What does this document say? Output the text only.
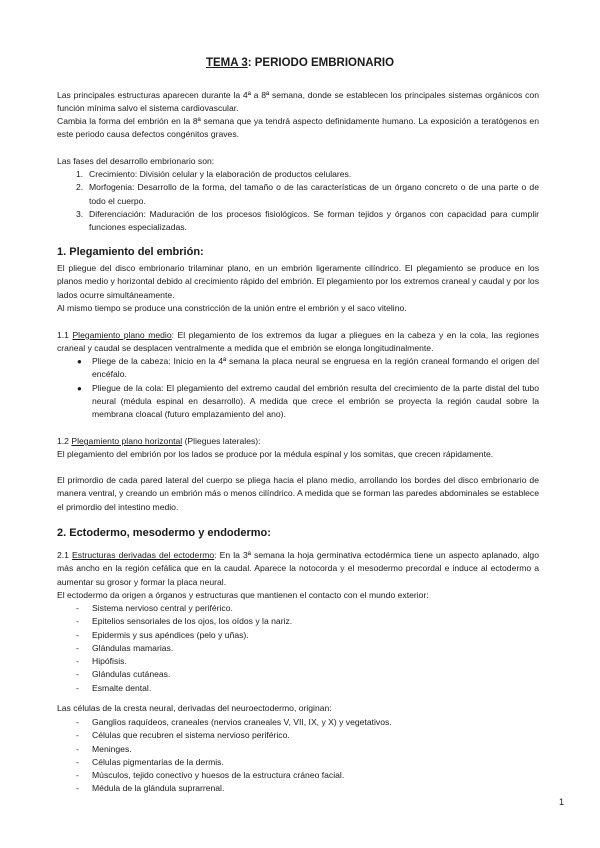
TEMA 3: PERIODO EMBRIONARIO

Las principales estructuras aparecen durante la 4ª a 8ª semana, donde se establecen los principales sistemas orgánicos con función mínima salvo el sistema cardiovascular.

Cambia la forma del embrión en la 8ª semana que ya tendrá aspecto definidamente humano. La exposición a teratógenos en este periodo causa defectos congénitos graves.

Las fases del desarrollo embrionario son:

1. Crecimiento: División celular y la elaboración de productos celulares.
2. Morfogenia: Desarrollo de la forma, del tamaño o de las características de un órgano concreto o de una parte o de todo el cuerpo.
3. Diferenciación: Maduración de los procesos fisiológicos. Se forman tejidos y órganos con capacidad para cumplir funciones especializadas.
1. Plegamiento del embrión:

El pliegue del disco embrionario trilaminar plano, en un embrión ligeramente cilíndrico. El plegamiento se produce en los planos medio y horizontal debido al crecimiento rápido del embrión. El plegamiento por los extremos craneal y caudal y por los lados ocurre simultáneamente.

Al mismo tiempo se produce una constricción de la unión entre el embrión y el saco vitelino.

1.1 Plegamiento plano medio: El plegamiento de los extremos da lugar a pliegues en la cabeza y en la cola, las regiones craneal y caudal se desplacen ventralmente a medida que el embrión se elonga longitudinalmente.

● Pliege de la cabeza: Inicio en la 4ª semana la placa neural se engruesa en la región craneal formando el origen del encéfalo.
● Pliegue de la cola: El plegamiento del extremo caudal del embrión resulta del crecimiento de la parte distal del tubo neural (médula espinal en desarrollo). A medida que crece el embrión se proyecta la región caudal sobre la membrana cloacal (futuro emplazamiento del ano).

1.2 Plegamiento plano horizontal (Pliegues laterales):

El plegamiento del embrión por los lados se produce por la médula espinal y los somitas, que crecen rápidamente.

El primordio de cada pared lateral del cuerpo se pliega hacia el plano medio, arrollando los bordes del disco embrionario de manera ventral, y creando un embrión más o menos cilíndrico. A medida que se forman las paredes abdominales se establece el primordio del intestino medio.

2. Ectodermo, mesodermo y endodermo:

2.1 Estructuras derivadas del ectodermo: En la 3ª semana la hoja germinativa ectodérmica tiene un aspecto aplanado, algo más ancho en la región cefálica que en la caudal. Aparece la notocorda y el mesodermo precordal e induce al ectodermo a aumentar su grosor y formar la placa neural.

El ectodermo da origen a órganos y estructuras que mantienen el contacto con el mundo exterior:

- Sistema nervioso central y periférico.
- Epitelios sensoriales de los ojos, los oídos y la nariz.
- Epidermis y sus apéndices (pelo y uñas).
- Glándulas mamarias.
- Hipófisis.
- Glándulas cutáneas.
- Esmalte dental.

Las células de la cresta neural, derivadas del neuroectodermo, originan:

- Ganglios raquídeos, craneales (nervios craneales V, VII, IX, y X) y vegetativos.
- Células que recubren el sistema nervioso periférico.
- Meninges.
- Células pigmentarias de la dermis.
- Músculos, tejido conectivo y huesos de la estructura cráneo facial.
- Médula de la glándula suprarrenal.
1
